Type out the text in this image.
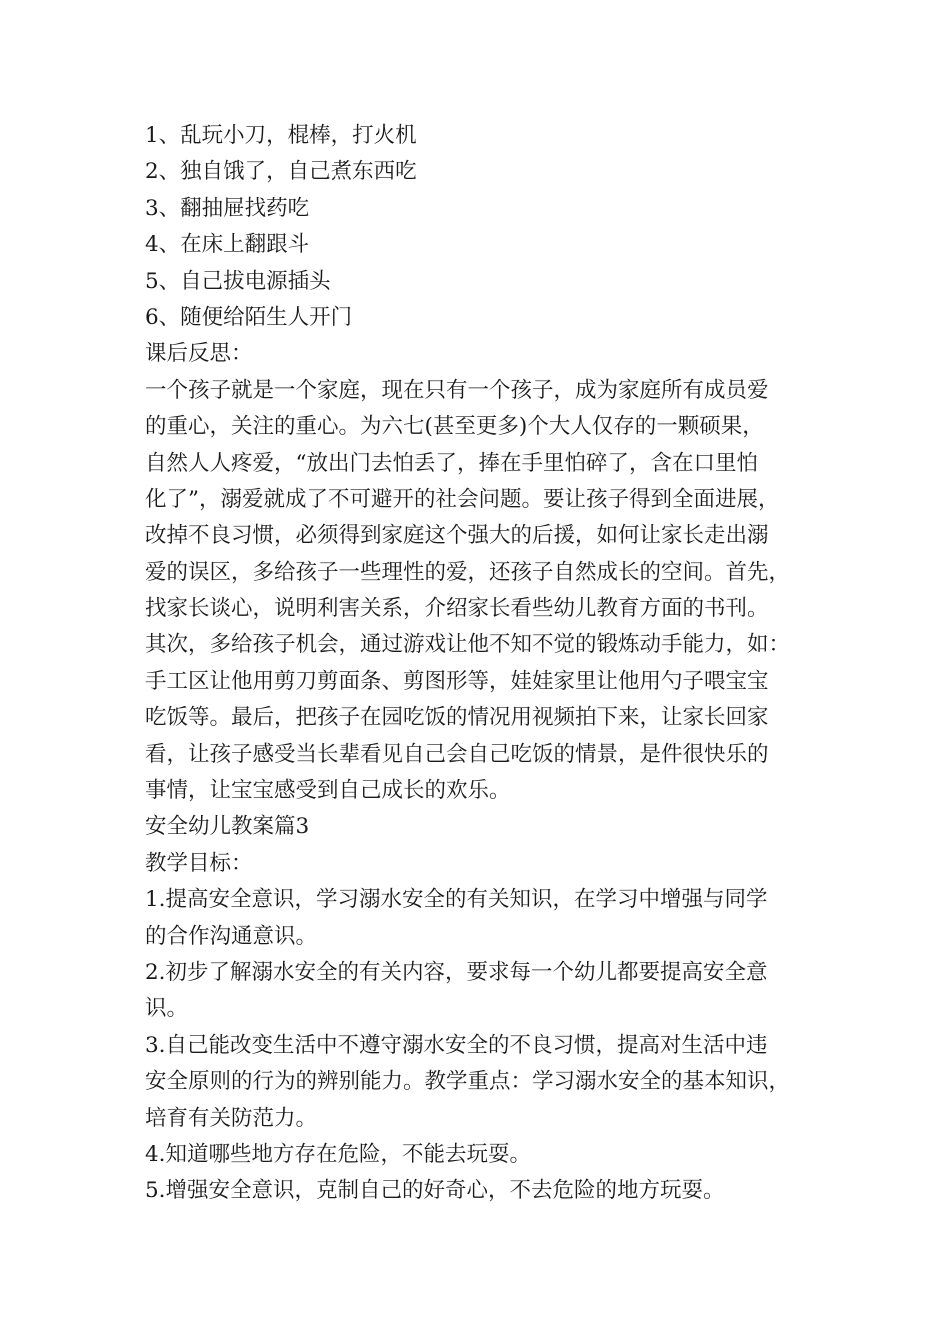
1、乱玩小刀，棍棒，打火机
2、独自饿了，自己煮东西吃
3、翻抽屉找药吃
4、在床上翻跟斗
5、自己拔电源插头
6、随便给陌生人开门
课后反思：
一个孩子就是一个家庭，现在只有一个孩子，成为家庭所有成员爱
的重心，关注的重心。为六七(甚至更多)个大人仅存的一颗硕果，
自然人人疼爱，“放出门去怕丢了，捧在手里怕碎了，含在口里怕
化了”，溺爱就成了不可避开的社会问题。要让孩子得到全面进展，
改掉不良习惯，必须得到家庭这个强大的后援，如何让家长走出溺
爱的误区，多给孩子一些理性的爱，还孩子自然成长的空间。首先，
找家长谈心，说明利害关系，介绍家长看些幼儿教育方面的书刊。
其次，多给孩子机会，通过游戏让他不知不觉的锻炼动手能力，如：
手工区让他用剪刀剪面条、剪图形等，娃娃家里让他用勺子喂宝宝
吃饭等。最后，把孩子在园吃饭的情况用视频拍下来，让家长回家
看，让孩子感受当长辈看见自己会自己吃饭的情景，是件很快乐的
事情，让宝宝感受到自己成长的欢乐。
安全幼儿教案篇3
教学目标：
1.提高安全意识，学习溺水安全的有关知识，在学习中增强与同学
的合作沟通意识。
2.初步了解溺水安全的有关内容，要求每一个幼儿都要提高安全意
识。
3.自己能改变生活中不遵守溺水安全的不良习惯，提高对生活中违
安全原则的行为的辨别能力。教学重点：学习溺水安全的基本知识，
培育有关防范力。
4.知道哪些地方存在危险，不能去玩耍。
5.增强安全意识，克制自己的好奇心，不去危险的地方玩耍。
